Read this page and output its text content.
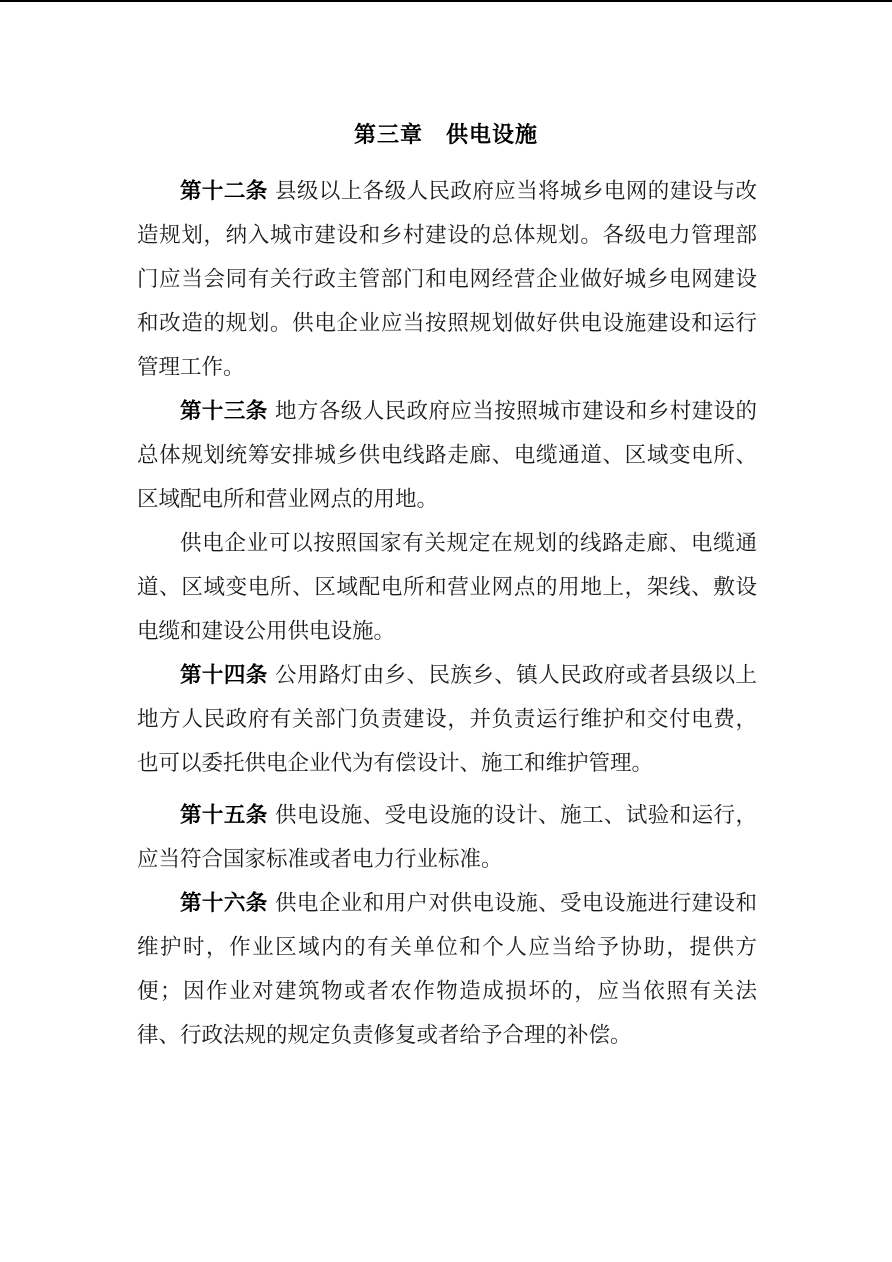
第三章　供电设施

第十二条 县级以上各级人民政府应当将城乡电网的建设与改造规划，纳入城市建设和乡村建设的总体规划。各级电力管理部门应当会同有关行政主管部门和电网经营企业做好城乡电网建设和改造的规划。供电企业应当按照规划做好供电设施建设和运行管理工作。

第十三条 地方各级人民政府应当按照城市建设和乡村建设的总体规划统筹安排城乡供电线路走廊、电缆通道、区域变电所、区域配电所和营业网点的用地。

供电企业可以按照国家有关规定在规划的线路走廊、电缆通道、区域变电所、区域配电所和营业网点的用地上，架线、敷设电缆和建设公用供电设施。

第十四条 公用路灯由乡、民族乡、镇人民政府或者县级以上地方人民政府有关部门负责建设，并负责运行维护和交付电费，也可以委托供电企业代为有偿设计、施工和维护管理。

第十五条 供电设施、受电设施的设计、施工、试验和运行，应当符合国家标准或者电力行业标准。

第十六条 供电企业和用户对供电设施、受电设施进行建设和维护时，作业区域内的有关单位和个人应当给予协助，提供方便；因作业对建筑物或者农作物造成损坏的，应当依照有关法律、行政法规的规定负责修复或者给予合理的补偿。
